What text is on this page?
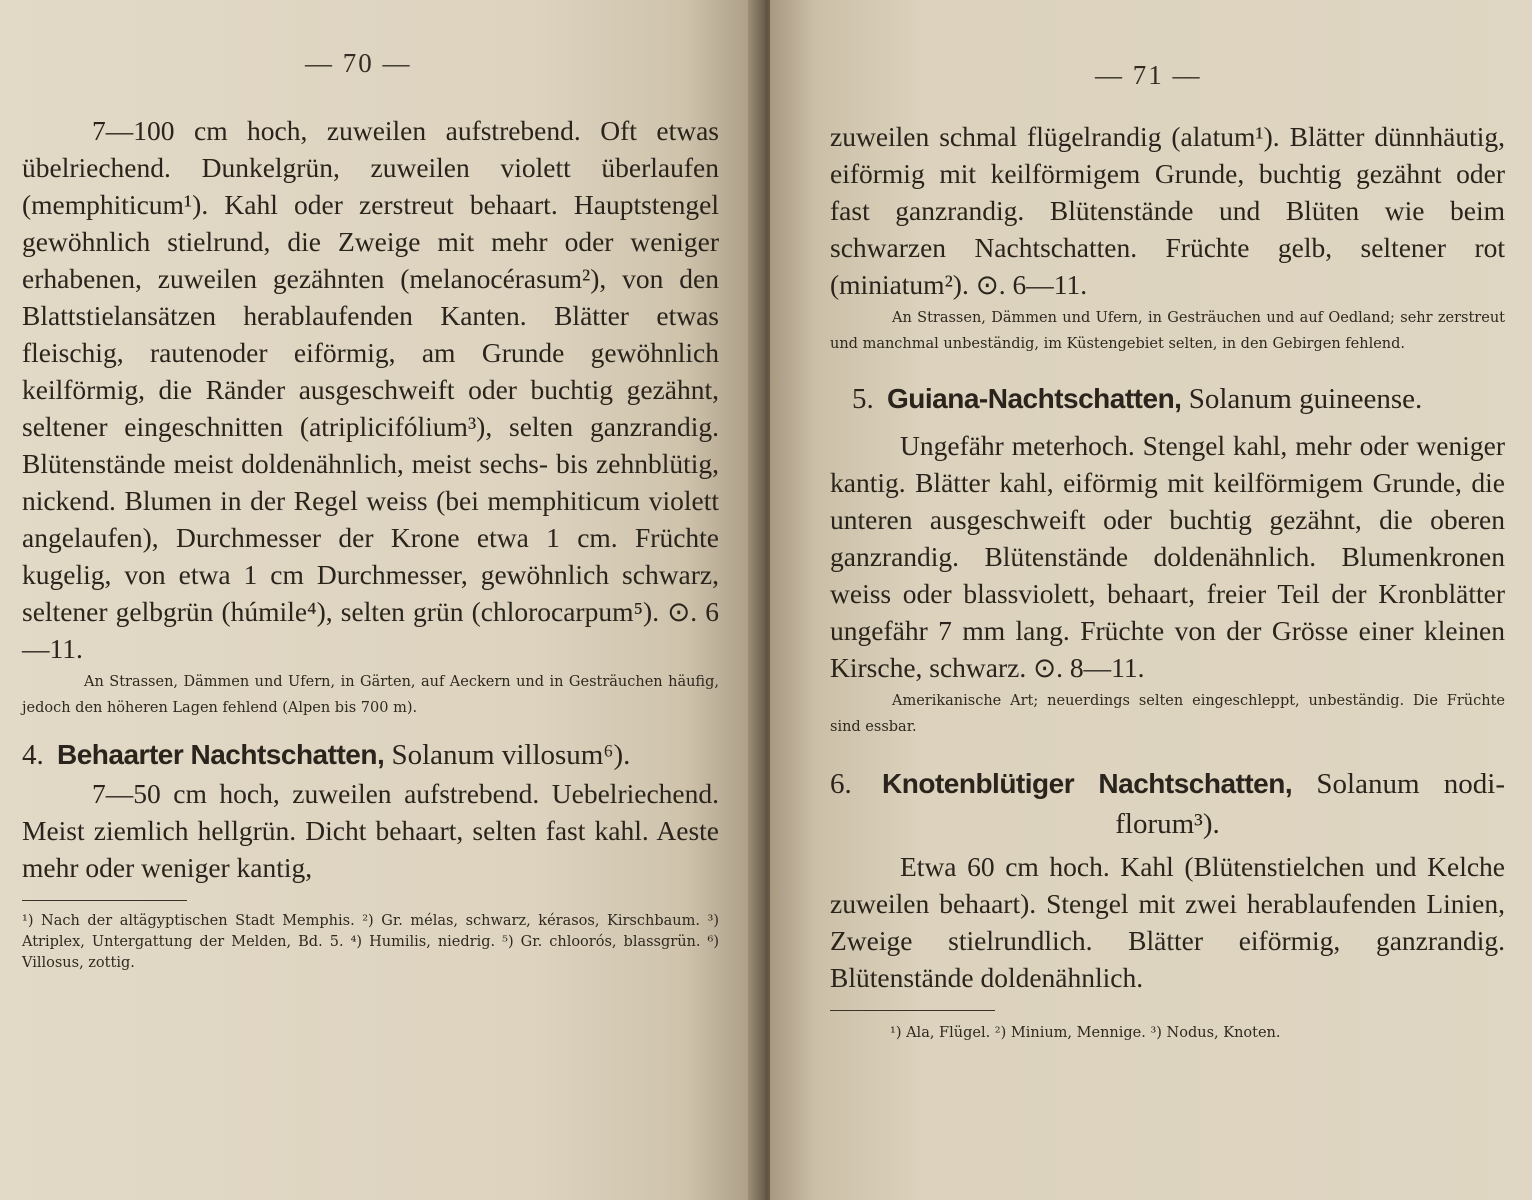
— 70 —

7—100 cm hoch, zuweilen aufstrebend. Oft etwas übelriechend. Dunkelgrün, zuweilen violett überlaufen (memphiticum¹). Kahl oder zerstreut behaart. Hauptstengel gewöhnlich stielrund, die Zweige mit mehr oder weniger erhabenen, zuweilen gezähnten (melanocérasum²), von den Blattstielansätzen herablaufenden Kanten. Blätter etwas fleischig, rautenoder eiförmig, am Grunde gewöhnlich keilförmig, die Ränder ausgeschweift oder buchtig gezähnt, seltener eingeschnitten (atriplicifólium³), selten ganzrandig. Blütenstände meist doldenähnlich, meist sechs- bis zehnblütig, nickend. Blumen in der Regel weiss (bei memphiticum violett angelaufen), Durchmesser der Krone etwa 1 cm. Früchte kugelig, von etwa 1 cm Durchmesser, gewöhnlich schwarz, seltener gelbgrün (húmile⁴), selten grün (chlorocarpum⁵). ⊙. 6—11.

An Strassen, Dämmen und Ufern, in Gärten, auf Aeckern und in Gesträuchen häufig, jedoch den höheren Lagen fehlend (Alpen bis 700 m).

4. Behaarter Nachtschatten, Solanum villosum⁶).

7—50 cm hoch, zuweilen aufstrebend. Uebelriechend. Meist ziemlich hellgrün. Dicht behaart, selten fast kahl. Aeste mehr oder weniger kantig,

¹) Nach der altägyptischen Stadt Memphis. ²) Gr. mélas, schwarz, kérasos, Kirschbaum. ³) Atriplex, Untergattung der Melden, Bd. 5. ⁴) Humilis, niedrig. ⁵) Gr. chloorós, blassgrün. ⁶) Villosus, zottig.

— 71 —

zuweilen schmal flügelrandig (alatum¹). Blätter dünnhäutig, eiförmig mit keilförmigem Grunde, buchtig gezähnt oder fast ganzrandig. Blütenstände und Blüten wie beim schwarzen Nachtschatten. Früchte gelb, seltener rot (miniatum²). ⊙. 6—11.

An Strassen, Dämmen und Ufern, in Gesträuchen und auf Oedland; sehr zerstreut und manchmal unbeständig, im Küstengebiet selten, in den Gebirgen fehlend.

5. Guiana-Nachtschatten, Solanum guineense.

Ungefähr meterhoch. Stengel kahl, mehr oder weniger kantig. Blätter kahl, eiförmig mit keilförmigem Grunde, die unteren ausgeschweift oder buchtig gezähnt, die oberen ganzrandig. Blütenstände doldenähnlich. Blumenkronen weiss oder blassviolett, behaart, freier Teil der Kronblätter ungefähr 7 mm lang. Früchte von der Grösse einer kleinen Kirsche, schwarz. ⊙. 8—11.

Amerikanische Art; neuerdings selten eingeschleppt, unbeständig. Die Früchte sind essbar.

6. Knotenblütiger Nachtschatten, Solanum nodi-

florum³).

Etwa 60 cm hoch. Kahl (Blütenstielchen und Kelche zuweilen behaart). Stengel mit zwei herablaufenden Linien, Zweige stielrundlich. Blätter eiförmig, ganzrandig. Blütenstände doldenähnlich.

¹) Ala, Flügel. ²) Minium, Mennige. ³) Nodus, Knoten.
